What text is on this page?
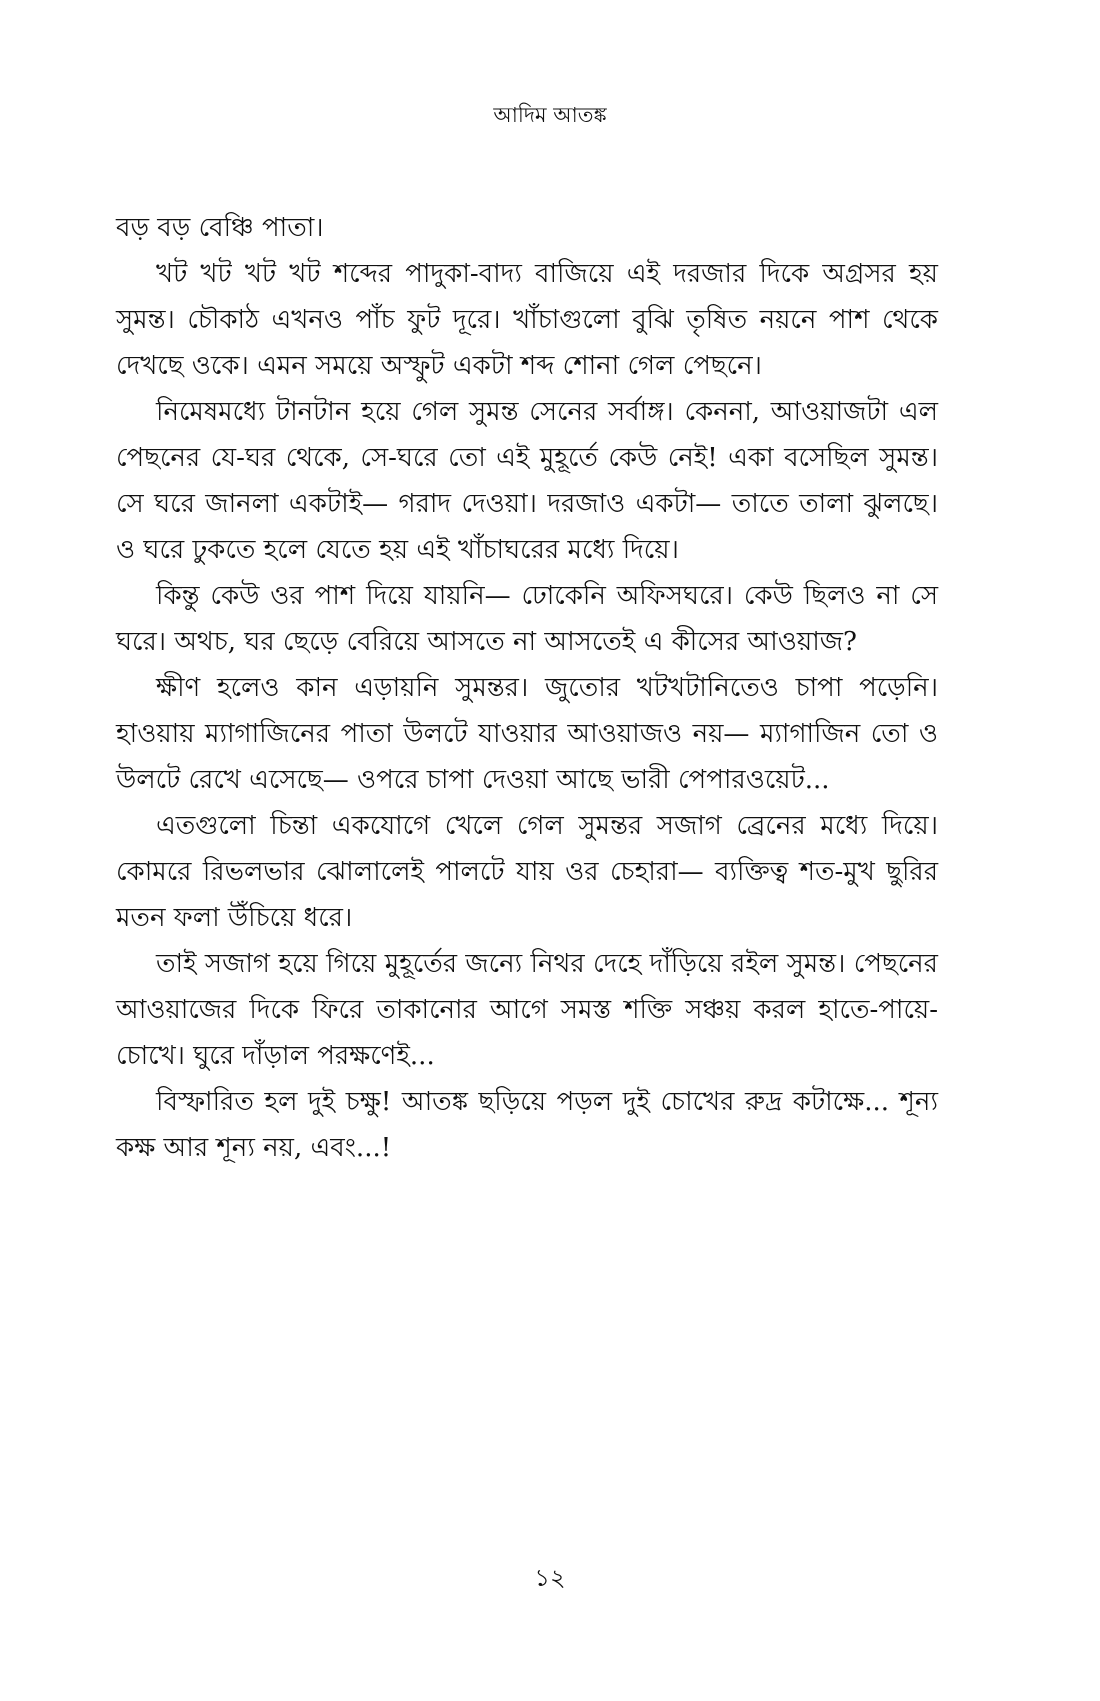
আদিম আতঙ্ক

বড় বড় বেঞ্চি পাতা।

খট খট খট খট শব্দের পাদুকা-বাদ্য বাজিয়ে এই দরজার দিকে অগ্রসর হয় সুমন্ত। চৌকাঠ এখনও পাঁচ ফুট দূরে। খাঁচাগুলো বুঝি তৃষিত নয়নে পাশ থেকে দেখছে ওকে। এমন সময়ে অস্ফুট একটা শব্দ শোনা গেল পেছনে।

নিমেষমধ্যে টানটান হয়ে গেল সুমন্ত সেনের সর্বাঙ্গ। কেননা, আওয়াজটা এল পেছনের যে-ঘর থেকে, সে-ঘরে তো এই মুহূর্তে কেউ নেই! একা বসেছিল সুমন্ত। সে ঘরে জানলা একটাই— গরাদ দেওয়া। দরজাও একটা— তাতে তালা ঝুলছে। ও ঘরে ঢুকতে হলে যেতে হয় এই খাঁচাঘরের মধ্যে দিয়ে।

কিন্তু কেউ ওর পাশ দিয়ে যায়নি— ঢোকেনি অফিসঘরে। কেউ ছিলও না সে ঘরে। অথচ, ঘর ছেড়ে বেরিয়ে আসতে না আসতেই এ কীসের আওয়াজ?

ক্ষীণ হলেও কান এড়ায়নি সুমন্তর। জুতোর খটখটানিতেও চাপা পড়েনি। হাওয়ায় ম্যাগাজিনের পাতা উলটে যাওয়ার আওয়াজও নয়— ম্যাগাজিন তো ও উলটে রেখে এসেছে— ওপরে চাপা দেওয়া আছে ভারী পেপারওয়েট...

এতগুলো চিন্তা একযোগে খেলে গেল সুমন্তর সজাগ ব্রেনের মধ্যে দিয়ে। কোমরে রিভলভার ঝোলালেই পালটে যায় ওর চেহারা— ব্যক্তিত্ব শত-মুখ ছুরির মতন ফলা উঁচিয়ে ধরে।

তাই সজাগ হয়ে গিয়ে মুহূর্তের জন্যে নিথর দেহে দাঁড়িয়ে রইল সুমন্ত। পেছনের আওয়াজের দিকে ফিরে তাকানোর আগে সমস্ত শক্তি সঞ্চয় করল হাতে-পায়ে-চোখে। ঘুরে দাঁড়াল পরক্ষণেই...

বিস্ফারিত হল দুই চক্ষু! আতঙ্ক ছড়িয়ে পড়ল দুই চোখের রুদ্র কটাক্ষে... শূন্য কক্ষ আর শূন্য নয়, এবং...!

১২
